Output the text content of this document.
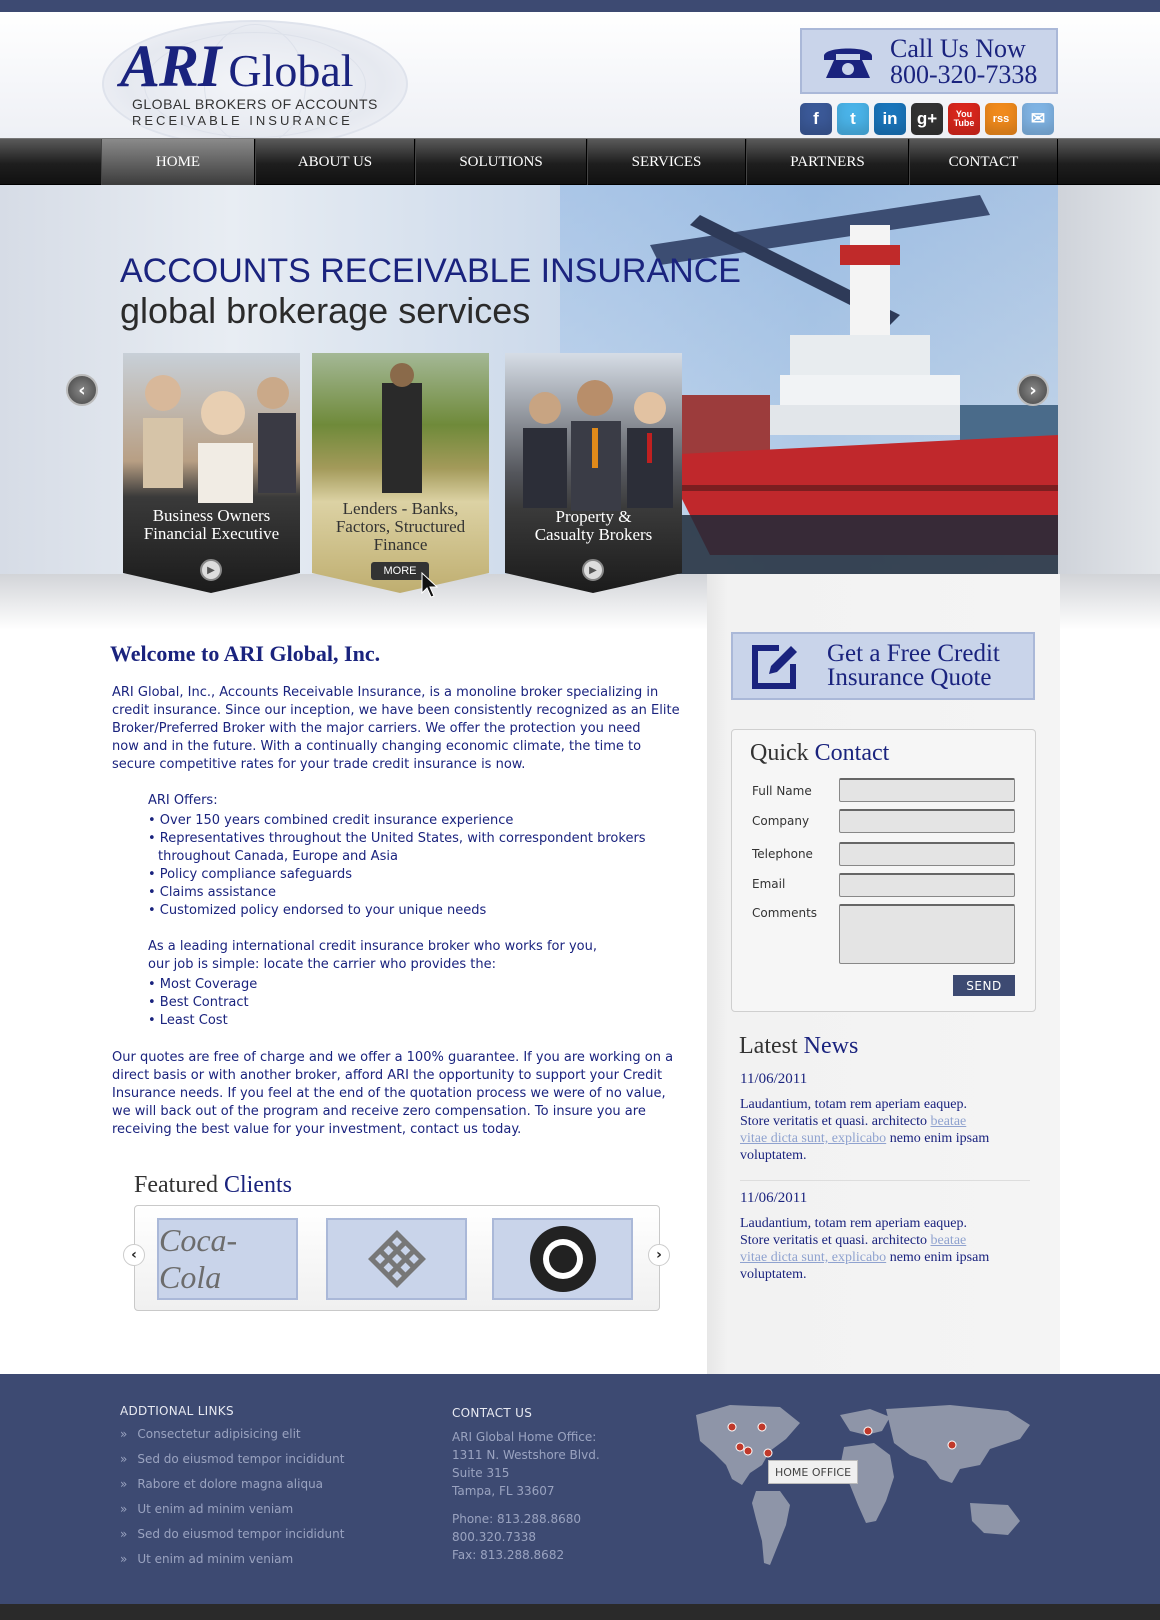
ARI Global
GLOBAL BROKERS OF ACCOUNTS
RECEIVABLE INSURANCE
Call Us Now
800-320-7338
f	t	in	g+	You Tube	rss	✉
HOME	ABOUT US	SOLUTIONS	SERVICES	PARTNERS	CONTACT
ACCOUNTS RECEIVABLE INSURANCE
global brokerage services
‹	›
Business Owners
Financial Executive
▶
Lenders - Banks,
Factors, Structured
Finance
MORE
Property &
Casualty Brokers
▶
Welcome to ARI Global, Inc.
ARI Global, Inc., Accounts Receivable Insurance, is a monoline broker specializing in
credit insurance. Since our inception, we have been consistently recognized as an Elite
Broker/Preferred Broker with the major carriers. We offer the protection you need
now and in the future. With a continually changing economic climate, the time to
secure competitive rates for your trade credit insurance is now.
ARI Offers:
• Over 150 years combined credit insurance experience
• Representatives throughout the United States, with correspondent brokers
throughout Canada, Europe and Asia
• Policy compliance safeguards
• Claims assistance
• Customized policy endorsed to your unique needs
As a leading international credit insurance broker who works for you,
our job is simple: locate the carrier who provides the:
• Most Coverage
• Best Contract
• Least Cost
Our quotes are free of charge and we offer a 100% guarantee. If you are working on a
direct basis or with another broker, afford ARI the opportunity to support your Credit
Insurance needs. If you feel at the end of the quotation process we were of no value,
we will back out of the program and receive zero compensation. To insure you are
receiving the best value for your investment, contact us today.
Featured Clients
Coca-Cola
‹	›
Get a Free Credit
Insurance Quote
Quick Contact
Full Name
Company
Telephone
Email
Comments
SEND
Latest News
11/06/2011
Laudantium, totam rem aperiam eaquep.
Store veritatis et quasi. architecto beatae
vitae dicta sunt, explicabo nemo enim ipsam
voluptatem.
11/06/2011
Laudantium, totam rem aperiam eaquep.
Store veritatis et quasi. architecto beatae
vitae dicta sunt, explicabo nemo enim ipsam
voluptatem.
ADDTIONAL LINKS
» Consectetur adipisicing elit
» Sed do eiusmod tempor incididunt
» Rabore et dolore magna aliqua
» Ut enim ad minim veniam
» Sed do eiusmod tempor incididunt
» Ut enim ad minim veniam
CONTACT US
ARI Global Home Office:
1311 N. Westshore Blvd.
Suite 315
Tampa, FL 33607
Phone: 813.288.8680
800.320.7338
Fax: 813.288.8682
HOME OFFICE
